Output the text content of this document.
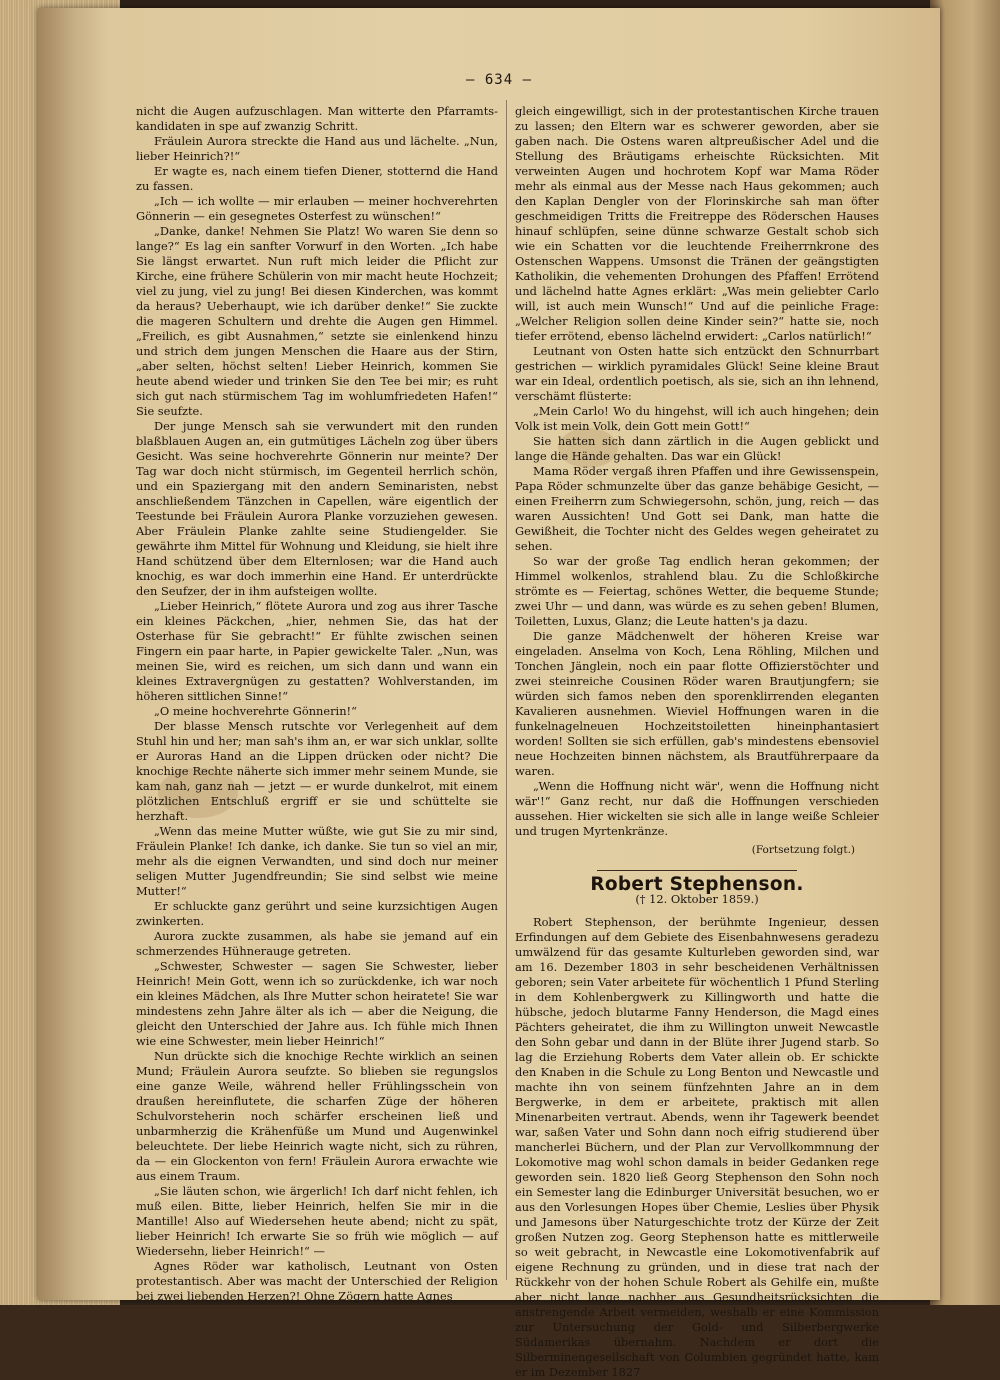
— 634 —

nicht die Augen aufzuschlagen. Man witterte den Pfarramts-kandidaten in spe auf zwanzig Schritt.

Fräulein Aurora streckte die Hand aus und lächelte. „Nun, lieber Heinrich?!“

Er wagte es, nach einem tiefen Diener, stotternd die Hand zu fassen.

„Ich — ich wollte — mir erlauben — meiner hochverehrten Gönnerin — ein gesegnetes Osterfest zu wünschen!“

„Danke, danke! Nehmen Sie Platz! Wo waren Sie denn so lange?“ Es lag ein sanfter Vorwurf in den Worten. „Ich habe Sie längst erwartet. Nun ruft mich leider die Pflicht zur Kirche, eine frühere Schülerin von mir macht heute Hochzeit; viel zu jung, viel zu jung! Bei diesen Kinderchen, was kommt da heraus? Ueberhaupt, wie ich darüber denke!“ Sie zuckte die mageren Schultern und drehte die Augen gen Himmel. „Freilich, es gibt Ausnahmen,“ setzte sie einlenkend hinzu und strich dem jungen Menschen die Haare aus der Stirn, „aber selten, höchst selten! Lieber Heinrich, kommen Sie heute abend wieder und trinken Sie den Tee bei mir; es ruht sich gut nach stürmischem Tag im wohlumfriedeten Hafen!“ Sie seufzte.

Der junge Mensch sah sie verwundert mit den runden blaßblauen Augen an, ein gutmütiges Lächeln zog über übers Gesicht. Was seine hochverehrte Gönnerin nur meinte? Der Tag war doch nicht stürmisch, im Gegenteil herrlich schön, und ein Spaziergang mit den andern Seminaristen, nebst anschließendem Tänzchen in Capellen, wäre eigentlich der Teestunde bei Fräulein Aurora Planke vorzuziehen gewesen. Aber Fräulein Planke zahlte seine Studiengelder. Sie gewährte ihm Mittel für Wohnung und Kleidung, sie hielt ihre Hand schützend über dem Elternlosen; war die Hand auch knochig, es war doch immerhin eine Hand. Er unterdrückte den Seufzer, der in ihm aufsteigen wollte.

„Lieber Heinrich,“ flötete Aurora und zog aus ihrer Tasche ein kleines Päckchen, „hier, nehmen Sie, das hat der Osterhase für Sie gebracht!“ Er fühlte zwischen seinen Fingern ein paar harte, in Papier gewickelte Taler. „Nun, was meinen Sie, wird es reichen, um sich dann und wann ein kleines Extravergnügen zu gestatten? Wohlverstanden, im höheren sittlichen Sinne!“

„O meine hochverehrte Gönnerin!“

Der blasse Mensch rutschte vor Verlegenheit auf dem Stuhl hin und her; man sah's ihm an, er war sich unklar, sollte er Auroras Hand an die Lippen drücken oder nicht? Die knochige Rechte näherte sich immer mehr seinem Munde, sie kam nah, ganz nah — jetzt — er wurde dunkelrot, mit einem plötzlichen Entschluß ergriff er sie und schüttelte sie herzhaft.

„Wenn das meine Mutter wüßte, wie gut Sie zu mir sind, Fräulein Planke! Ich danke, ich danke. Sie tun so viel an mir, mehr als die eignen Verwandten, und sind doch nur meiner seligen Mutter Jugendfreundin; Sie sind selbst wie meine Mutter!“

Er schluckte ganz gerührt und seine kurzsichtigen Augen zwinkerten.

Aurora zuckte zusammen, als habe sie jemand auf ein schmerzendes Hühnerauge getreten.

„Schwester, Schwester — sagen Sie Schwester, lieber Heinrich! Mein Gott, wenn ich so zurückdenke, ich war noch ein kleines Mädchen, als Ihre Mutter schon heiratete! Sie war mindestens zehn Jahre älter als ich — aber die Neigung, die gleicht den Unterschied der Jahre aus. Ich fühle mich Ihnen wie eine Schwester, mein lieber Heinrich!“

Nun drückte sich die knochige Rechte wirklich an seinen Mund; Fräulein Aurora seufzte. So blieben sie regungslos eine ganze Weile, während heller Frühlingsschein von draußen hereinflutete, die scharfen Züge der höheren Schulvorsteherin noch schärfer erscheinen ließ und unbarmherzig die Krähenfüße um Mund und Augenwinkel beleuchtete. Der liebe Heinrich wagte nicht, sich zu rühren, da — ein Glockenton von fern! Fräulein Aurora erwachte wie aus einem Traum.

„Sie läuten schon, wie ärgerlich! Ich darf nicht fehlen, ich muß eilen. Bitte, lieber Heinrich, helfen Sie mir in die Mantille! Also auf Wiedersehen heute abend; nicht zu spät, lieber Heinrich! Ich erwarte Sie so früh wie möglich — auf Wiedersehn, lieber Heinrich!“ —

Agnes Röder war katholisch, Leutnant von Osten protestantisch. Aber was macht der Unterschied der Religion bei zwei liebenden Herzen?! Ohne Zögern hatte Agnes

gleich eingewilligt, sich in der protestantischen Kirche trauen zu lassen; den Eltern war es schwerer geworden, aber sie gaben nach. Die Ostens waren altpreußischer Adel und die Stellung des Bräutigams erheischte Rücksichten. Mit verweinten Augen und hochrotem Kopf war Mama Röder mehr als einmal aus der Messe nach Haus gekommen; auch den Kaplan Dengler von der Florinskirche sah man öfter geschmeidigen Tritts die Freitreppe des Röderschen Hauses hinauf schlüpfen, seine dünne schwarze Gestalt schob sich wie ein Schatten vor die leuchtende Freiherrnkrone des Ostenschen Wappens. Umsonst die Tränen der geängstigten Katholikin, die vehementen Drohungen des Pfaffen! Errötend und lächelnd hatte Agnes erklärt: „Was mein geliebter Carlo will, ist auch mein Wunsch!“ Und auf die peinliche Frage: „Welcher Religion sollen deine Kinder sein?“ hatte sie, noch tiefer errötend, ebenso lächelnd erwidert: „Carlos natürlich!“

Leutnant von Osten hatte sich entzückt den Schnurrbart gestrichen — wirklich pyramidales Glück! Seine kleine Braut war ein Ideal, ordentlich poetisch, als sie, sich an ihn lehnend, verschämt flüsterte:

„Mein Carlo! Wo du hingehst, will ich auch hingehen; dein Volk ist mein Volk, dein Gott mein Gott!“

Sie hatten sich dann zärtlich in die Augen geblickt und lange die Hände gehalten. Das war ein Glück!

Mama Röder vergaß ihren Pfaffen und ihre Gewissenspein, Papa Röder schmunzelte über das ganze behäbige Gesicht, — einen Freiherrn zum Schwiegersohn, schön, jung, reich — das waren Aussichten! Und Gott sei Dank, man hatte die Gewißheit, die Tochter nicht des Geldes wegen geheiratet zu sehen.

So war der große Tag endlich heran gekommen; der Himmel wolkenlos, strahlend blau. Zu die Schloßkirche strömte es — Feiertag, schönes Wetter, die bequeme Stunde; zwei Uhr — und dann, was würde es zu sehen geben! Blumen, Toiletten, Luxus, Glanz; die Leute hatten's ja dazu.

Die ganze Mädchenwelt der höheren Kreise war eingeladen. Anselma von Koch, Lena Röhling, Milchen und Tonchen Jänglein, noch ein paar flotte Offizierstöchter und zwei steinreiche Cousinen Röder waren Brautjungfern; sie würden sich famos neben den sporenklirrenden eleganten Kavalieren ausnehmen. Wieviel Hoffnungen waren in die funkelnagelneuen Hochzeitstoiletten hineinphantasiert worden! Sollten sie sich erfüllen, gab's mindestens ebensoviel neue Hochzeiten binnen nächstem, als Brautführerpaare da waren.

„Wenn die Hoffnung nicht wär', wenn die Hoffnung nicht wär'!“ Ganz recht, nur daß die Hoffnungen verschieden aussehen. Hier wickelten sie sich alle in lange weiße Schleier und trugen Myrtenkränze.

(Fortsetzung folgt.)

Robert Stephenson.

(† 12. Oktober 1859.)

Robert Stephenson, der berühmte Ingenieur, dessen Erfindungen auf dem Gebiete des Eisenbahnwesens geradezu umwälzend für das gesamte Kulturleben geworden sind, war am 16. Dezember 1803 in sehr bescheidenen Verhältnissen geboren; sein Vater arbeitete für wöchentlich 1 Pfund Sterling in dem Kohlenbergwerk zu Killingworth und hatte die hübsche, jedoch blutarme Fanny Henderson, die Magd eines Pächters geheiratet, die ihm zu Willington unweit Newcastle den Sohn gebar und dann in der Blüte ihrer Jugend starb. So lag die Erziehung Roberts dem Vater allein ob. Er schickte den Knaben in die Schule zu Long Benton und Newcastle und machte ihn von seinem fünfzehnten Jahre an in dem Bergwerke, in dem er arbeitete, praktisch mit allen Minenarbeiten vertraut. Abends, wenn ihr Tagewerk beendet war, saßen Vater und Sohn dann noch eifrig studierend über mancherlei Büchern, und der Plan zur Vervollkommnung der Lokomotive mag wohl schon damals in beider Gedanken rege geworden sein. 1820 ließ Georg Stephenson den Sohn noch ein Semester lang die Edinburger Universität besuchen, wo er aus den Vorlesungen Hopes über Chemie, Leslies über Physik und Jamesons über Naturgeschichte trotz der Kürze der Zeit großen Nutzen zog. Georg Stephenson hatte es mittlerweile so weit gebracht, in Newcastle eine Lokomotivenfabrik auf eigene Rechnung zu gründen, und in diese trat nach der Rückkehr von der hohen Schule Robert als Gehilfe ein, mußte aber nicht lange nachher aus Gesundheitsrücksichten die anstrengende Arbeit vermeiden, weshalb er eine Kommission zur Untersuchung der Gold- und Silberbergwerke Südamerikas übernahm. Nachdem er dort die Silberminengesellschaft von Columbien gegründet hatte, kam er im Dezember 1827
